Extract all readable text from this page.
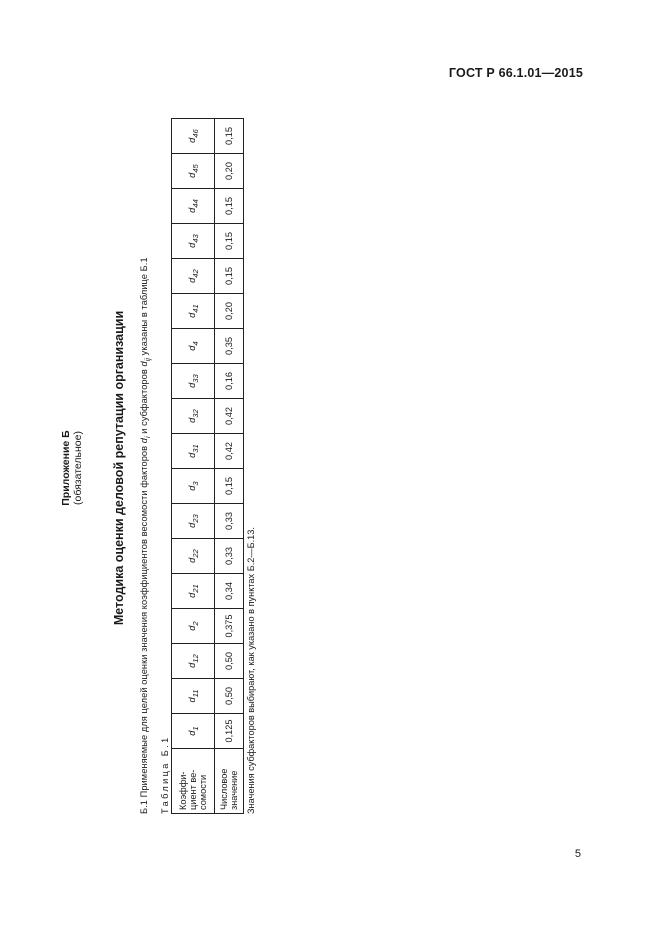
ГОСТ Р 66.1.01—2015
Приложение Б (обязательное) Методика оценки деловой репутации организации Б.1 Применяемые для целей оценки значения коэффициентов весомости факторов $d_i$ и субфакторов $d_{ij}$ указаны в таблице Б.1
Таблица Б.1 Коэффи-циент ве-сомости	$d_1$	$d_{11}$	$d_{12}$	$d_2$	$d_{21}$	$d_{22}$	$d_{23}$	$d_3$	$d_{31}$	$d_{32}$	$d_{33}$	$d_4$	$d_{41}$	$d_{42}$	$d_{43}$	$d_{44}$	$d_{45}$	$d_{46}$
Числовое значение	0,125	0,50	0,50	0,375	0,34	0,33	0,33	0,15	0,42	0,42	0,16	0,35	0,20	0,15	0,15	0,15	0,20	0,15
Значения субфакторов выбирают, как указано в пунктах Б.2—Б.13.
5
